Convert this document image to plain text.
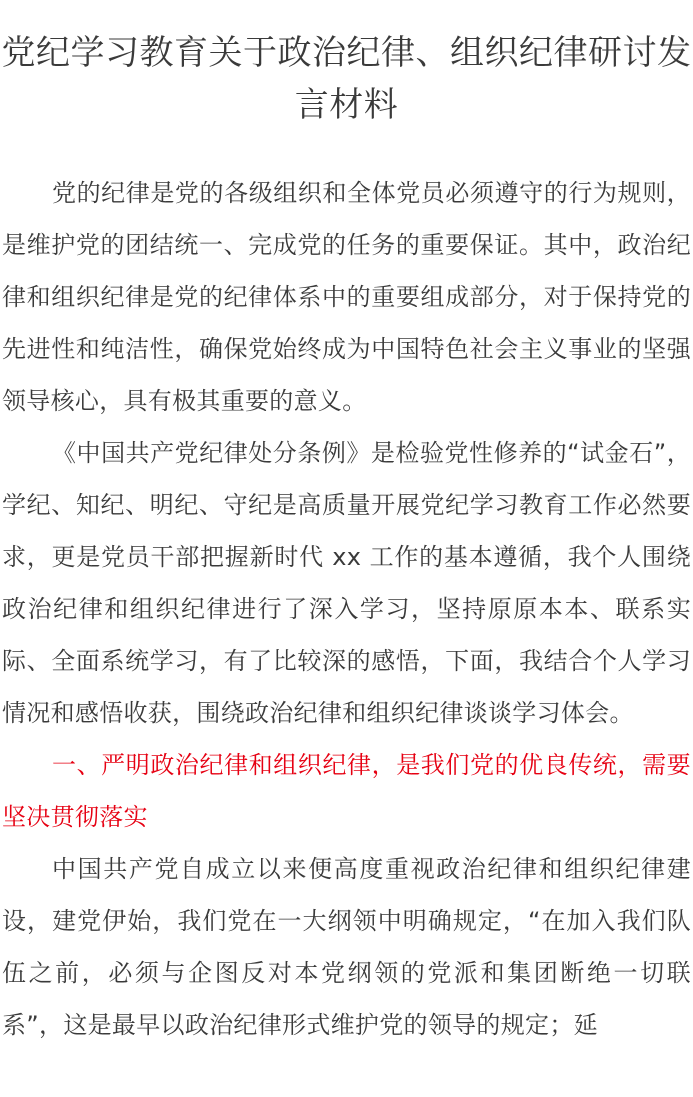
党纪学习教育关于政治纪律、组织纪律研讨发言材料

党的纪律是党的各级组织和全体党员必须遵守的行为规则，是维护党的团结统一、完成党的任务的重要保证。其中，政治纪律和组织纪律是党的纪律体系中的重要组成部分，对于保持党的先进性和纯洁性，确保党始终成为中国特色社会主义事业的坚强领导核心，具有极其重要的意义。

《中国共产党纪律处分条例》是检验党性修养的“试金石”，学纪、知纪、明纪、守纪是高质量开展党纪学习教育工作必然要求，更是党员干部把握新时代 xx 工作的基本遵循，我个人围绕政治纪律和组织纪律进行了深入学习，坚持原原本本、联系实际、全面系统学习，有了比较深的感悟，下面，我结合个人学习情况和感悟收获，围绕政治纪律和组织纪律谈谈学习体会。

一、严明政治纪律和组织纪律，是我们党的优良传统，需要坚决贯彻落实

中国共产党自成立以来便高度重视政治纪律和组织纪律建设，建党伊始，我们党在一大纲领中明确规定，“在加入我们队伍之前，必须与企图反对本党纲领的党派和集团断绝一切联系”，这是最早以政治纪律形式维护党的领导的规定；延
